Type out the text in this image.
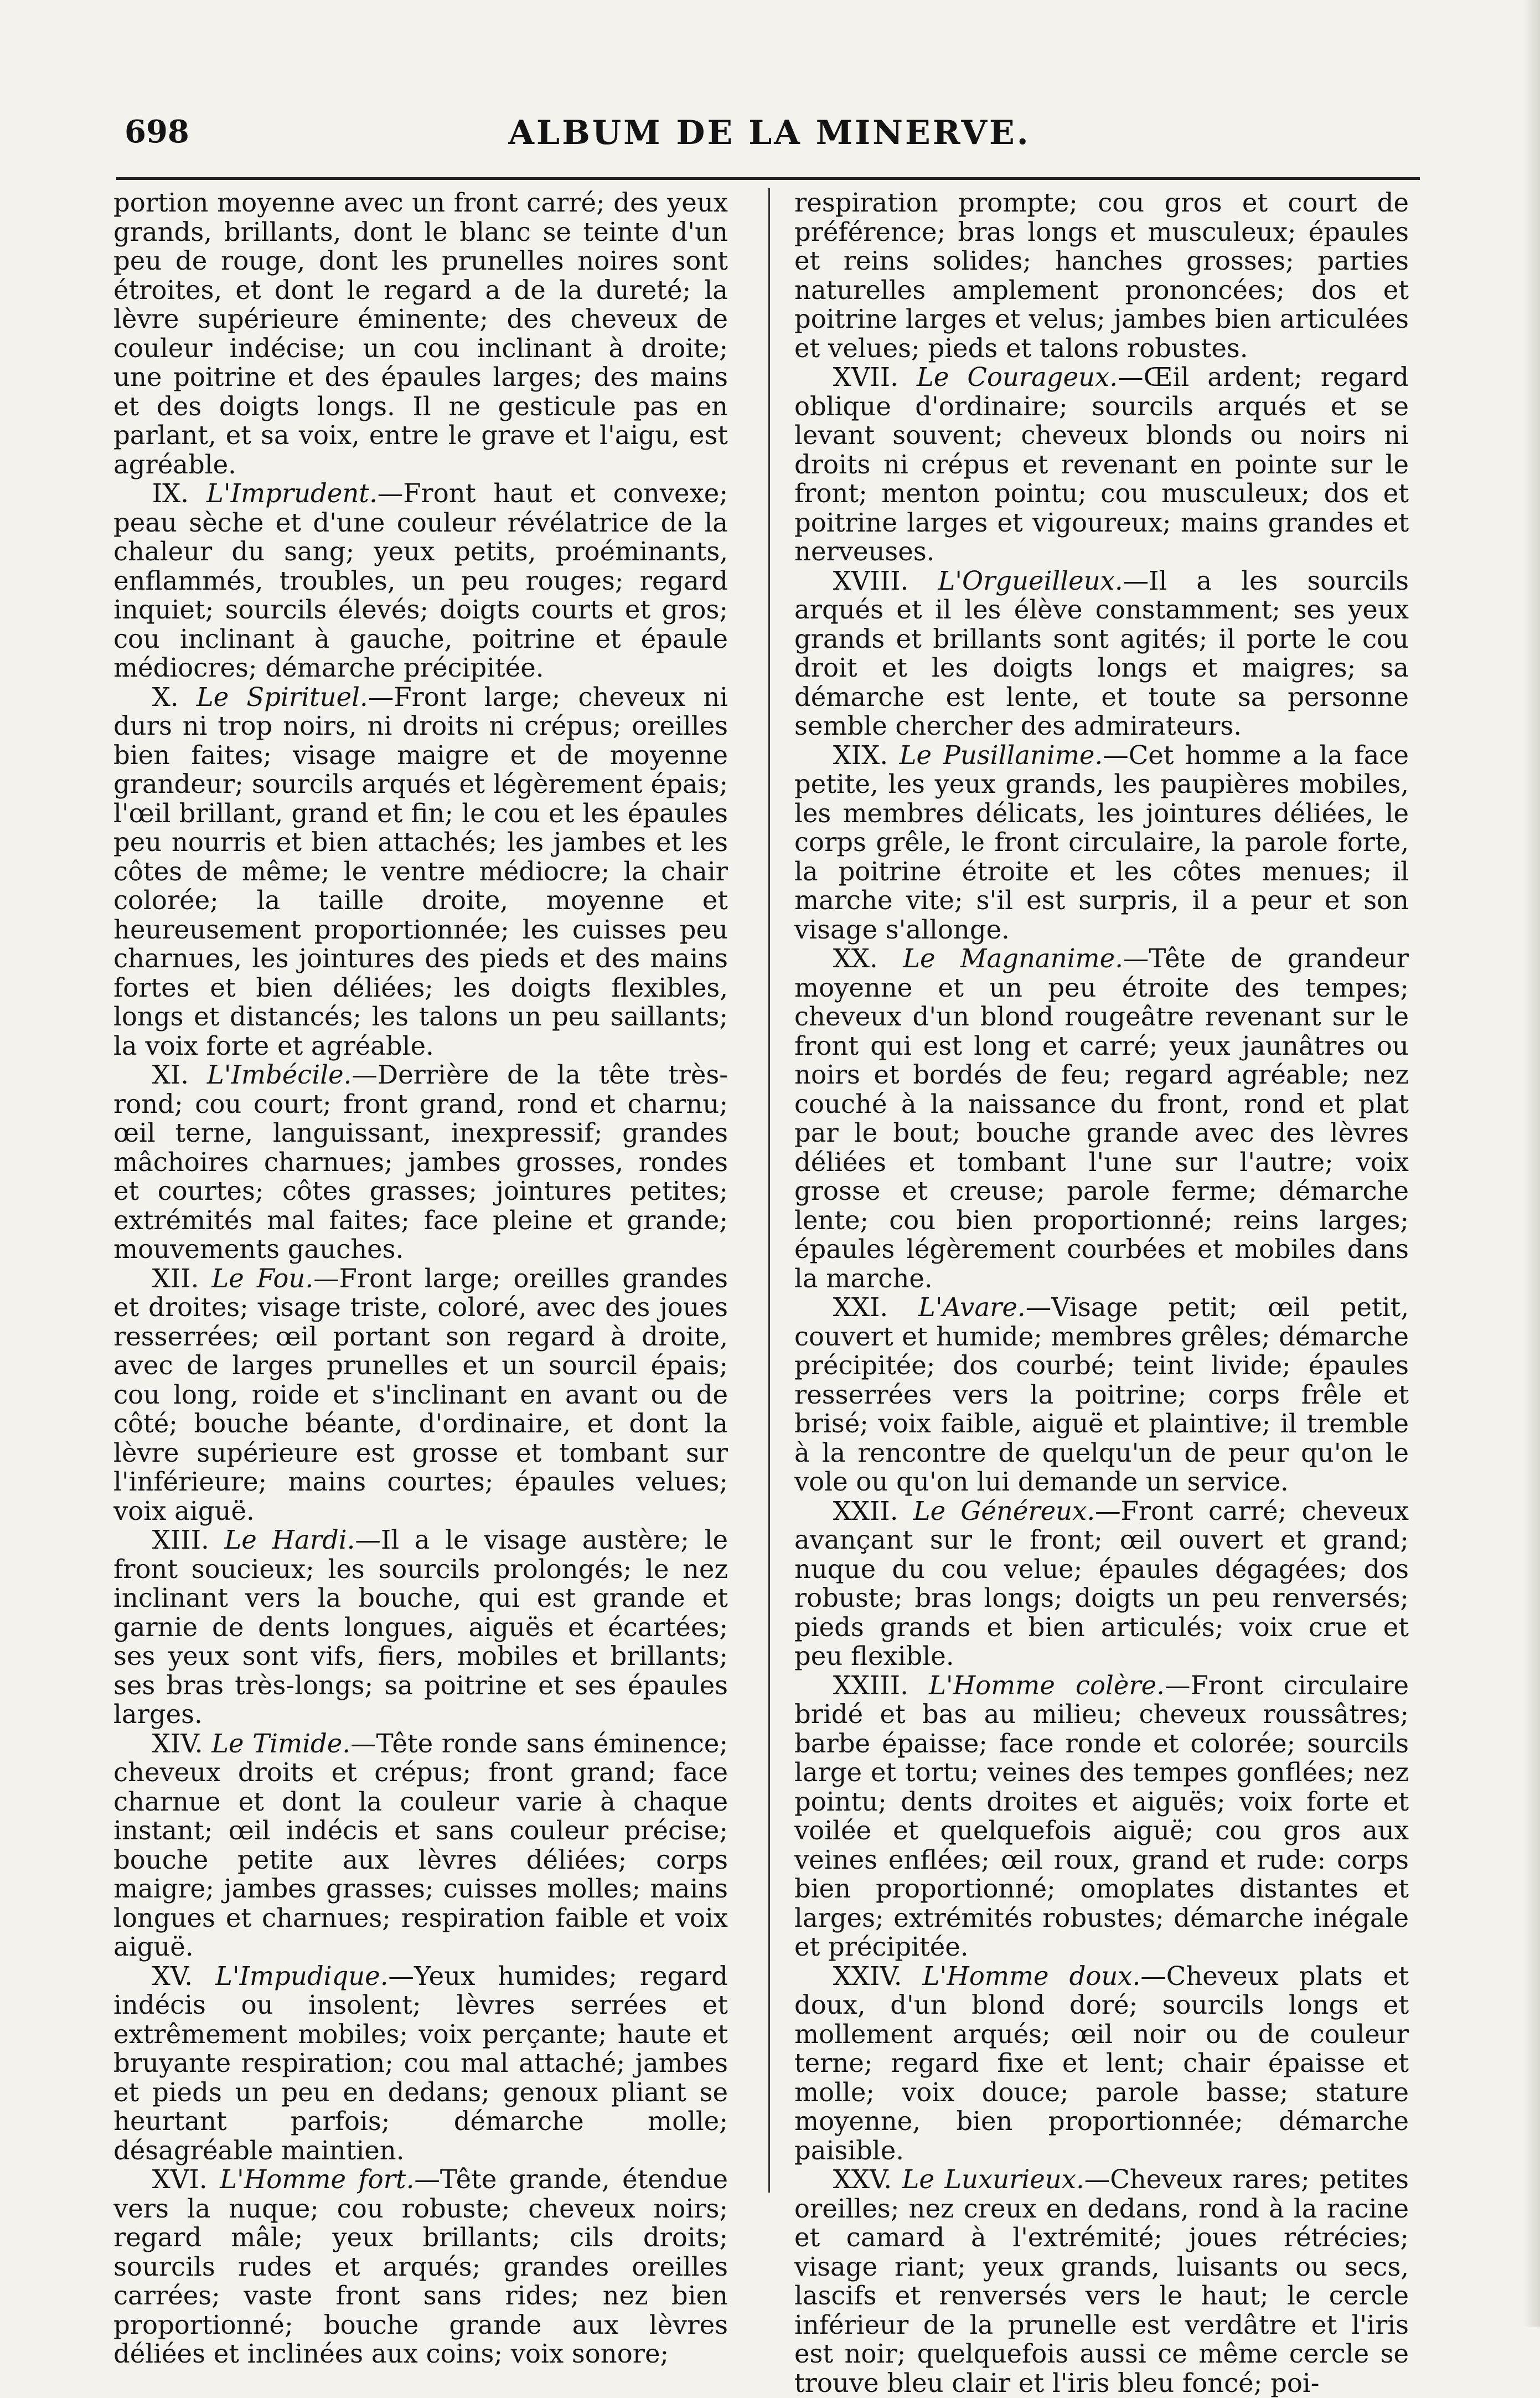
698	ALBUM DE LA MINERVE.

portion moyenne avec un front carré; des yeux grands, brillants, dont le blanc se teinte d'un peu de rouge, dont les prunelles noires sont étroites, et dont le regard a de la dureté; la lèvre supérieure éminente; des cheveux de couleur indécise; un cou inclinant à droite; une poitrine et des épaules larges; des mains et des doigts longs. Il ne gesticule pas en parlant, et sa voix, entre le grave et l'aigu, est agréable.

IX. L'Imprudent.—Front haut et convexe; peau sèche et d'une couleur révélatrice de la chaleur du sang; yeux petits, proéminants, enflammés, troubles, un peu rouges; regard inquiet; sourcils élevés; doigts courts et gros; cou inclinant à gauche, poitrine et épaule médiocres; démarche précipitée.

X. Le Spirituel.—Front large; cheveux ni durs ni trop noirs, ni droits ni crépus; oreilles bien faites; visage maigre et de moyenne grandeur; sourcils arqués et légèrement épais; l'œil brillant, grand et fin; le cou et les épaules peu nourris et bien attachés; les jambes et les côtes de même; le ventre médiocre; la chair colorée; la taille droite, moyenne et heureusement proportionnée; les cuisses peu charnues, les jointures des pieds et des mains fortes et bien déliées; les doigts flexibles, longs et distancés; les talons un peu saillants; la voix forte et agréable.

XI. L'Imbécile.—Derrière de la tête très-rond; cou court; front grand, rond et charnu; œil terne, languissant, inexpressif; grandes mâchoires charnues; jambes grosses, rondes et courtes; côtes grasses; jointures petites; extrémités mal faites; face pleine et grande; mouvements gauches.

XII. Le Fou.—Front large; oreilles grandes et droites; visage triste, coloré, avec des joues resserrées; œil portant son regard à droite, avec de larges prunelles et un sourcil épais; cou long, roide et s'inclinant en avant ou de côté; bouche béante, d'ordinaire, et dont la lèvre supérieure est grosse et tombant sur l'inférieure; mains courtes; épaules velues; voix aiguë.

XIII. Le Hardi.—Il a le visage austère; le front soucieux; les sourcils prolongés; le nez inclinant vers la bouche, qui est grande et garnie de dents longues, aiguës et écartées; ses yeux sont vifs, fiers, mobiles et brillants; ses bras très-longs; sa poitrine et ses épaules larges.

XIV. Le Timide.—Tête ronde sans éminence; cheveux droits et crépus; front grand; face charnue et dont la couleur varie à chaque instant; œil indécis et sans couleur précise; bouche petite aux lèvres déliées; corps maigre; jambes grasses; cuisses molles; mains longues et charnues; respiration faible et voix aiguë.

XV. L'Impudique.—Yeux humides; regard indécis ou insolent; lèvres serrées et extrêmement mobiles; voix perçante; haute et bruyante respiration; cou mal attaché; jambes et pieds un peu en dedans; genoux pliant se heurtant parfois; démarche molle; désagréable maintien.

XVI. L'Homme fort.—Tête grande, étendue vers la nuque; cou robuste; cheveux noirs; regard mâle; yeux brillants; cils droits; sourcils rudes et arqués; grandes oreilles carrées; vaste front sans rides; nez bien proportionné; bouche grande aux lèvres déliées et inclinées aux coins; voix sonore;

respiration prompte; cou gros et court de préférence; bras longs et musculeux; épaules et reins solides; hanches grosses; parties naturelles amplement prononcées; dos et poitrine larges et velus; jambes bien articulées et velues; pieds et talons robustes.

XVII. Le Courageux.—Œil ardent; regard oblique d'ordinaire; sourcils arqués et se levant souvent; cheveux blonds ou noirs ni droits ni crépus et revenant en pointe sur le front; menton pointu; cou musculeux; dos et poitrine larges et vigoureux; mains grandes et nerveuses.

XVIII. L'Orgueilleux.—Il a les sourcils arqués et il les élève constamment; ses yeux grands et brillants sont agités; il porte le cou droit et les doigts longs et maigres; sa démarche est lente, et toute sa personne semble chercher des admirateurs.

XIX. Le Pusillanime.—Cet homme a la face petite, les yeux grands, les paupières mobiles, les membres délicats, les jointures déliées, le corps grêle, le front circulaire, la parole forte, la poitrine étroite et les côtes menues; il marche vite; s'il est surpris, il a peur et son visage s'allonge.

XX. Le Magnanime.—Tête de grandeur moyenne et un peu étroite des tempes; cheveux d'un blond rougeâtre revenant sur le front qui est long et carré; yeux jaunâtres ou noirs et bordés de feu; regard agréable; nez couché à la naissance du front, rond et plat par le bout; bouche grande avec des lèvres déliées et tombant l'une sur l'autre; voix grosse et creuse; parole ferme; démarche lente; cou bien proportionné; reins larges; épaules légèrement courbées et mobiles dans la marche.

XXI. L'Avare.—Visage petit; œil petit, couvert et humide; membres grêles; démarche précipitée; dos courbé; teint livide; épaules resserrées vers la poitrine; corps frêle et brisé; voix faible, aiguë et plaintive; il tremble à la rencontre de quelqu'un de peur qu'on le vole ou qu'on lui demande un service.

XXII. Le Généreux.—Front carré; cheveux avançant sur le front; œil ouvert et grand; nuque du cou velue; épaules dégagées; dos robuste; bras longs; doigts un peu renversés; pieds grands et bien articulés; voix crue et peu flexible.

XXIII. L'Homme colère.—Front circulaire bridé et bas au milieu; cheveux roussâtres; barbe épaisse; face ronde et colorée; sourcils large et tortu; veines des tempes gonflées; nez pointu; dents droites et aiguës; voix forte et voilée et quelquefois aiguë; cou gros aux veines enflées; œil roux, grand et rude: corps bien proportionné; omoplates distantes et larges; extrémités robustes; démarche inégale et précipitée.

XXIV. L'Homme doux.—Cheveux plats et doux, d'un blond doré; sourcils longs et mollement arqués; œil noir ou de couleur terne; regard fixe et lent; chair épaisse et molle; voix douce; parole basse; stature moyenne, bien proportionnée; démarche paisible.

XXV. Le Luxurieux.—Cheveux rares; petites oreilles; nez creux en dedans, rond à la racine et camard à l'extrémité; joues rétrécies; visage riant; yeux grands, luisants ou secs, lascifs et renversés vers le haut; le cercle inférieur de la prunelle est verdâtre et l'iris est noir; quelquefois aussi ce même cercle se trouve bleu clair et l'iris bleu foncé; poi-
